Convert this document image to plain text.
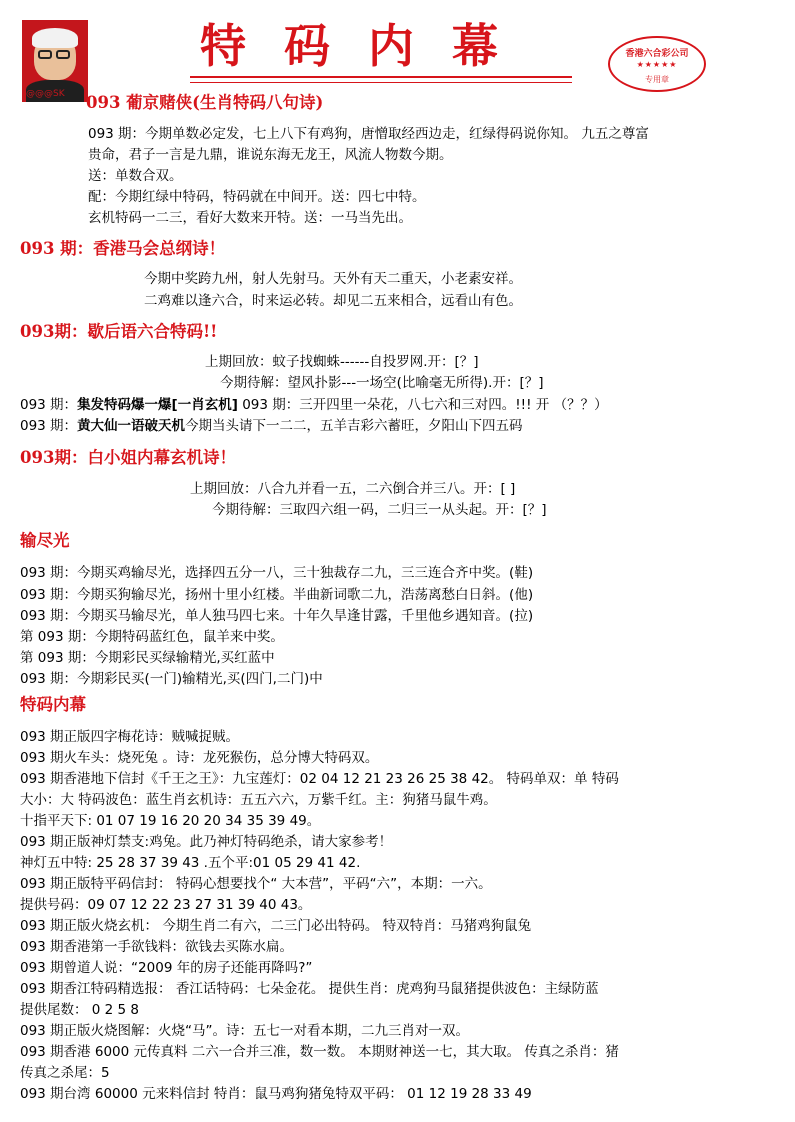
@@@SK
特码内幕	香港六合彩公司
★★★★★
专用章
093 葡京赌侠(生肖特码八句诗)
093 期：今期单数必定发，七上八下有鸡狗，唐憎取经西边走，红绿得码说你知。 九五之尊富
贵命，君子一言是九鼎，谁说东海无龙王，风流人物数今期。
送：单数合双。
配：今期红绿中特码，特码就在中间开。送：四七中特。
玄机特码一二三，看好大数来开特。送：一马当先出。
093 期：香港马会总纲诗！
今期中奖跨九州，射人先射马。天外有天二重天，小老素安祥。
二鸡难以逢六合，时来运必转。却见二五来相合，远看山有色。
093期：歇后语六合特码!!
上期回放：蚊子找蜘蛛------自投罗网.开：[？]
今期待解：望风扑影---一场空(比喻毫无所得).开：[？]
093 期：集发特码爆一爆[一肖玄机] 093 期：三开四里一朵花，八七六和三对四。!!! 开 （？？）
093 期：黄大仙一语破天机今期当头请下一二二，五羊吉彩六蓄旺，夕阳山下四五码
093期：白小姐内幕玄机诗！
上期回放：八合九并看一五，二六倒合并三八。开：[ ]
今期待解：三取四六组一码，二归三一从头起。开：[？]
输尽光
093 期：今期买鸡输尽光，选择四五分一八，三十独裁存二九，三三连合齐中奖。(鞋)
093 期：今期买狗输尽光，扬州十里小红楼。半曲新词歌二九，浩荡离愁白日斜。(他)
093 期：今期买马输尽光，单人独马四七来。十年久旱逢甘露，千里他乡遇知音。(拉)
第 093 期：今期特码蓝红色，鼠羊来中奖。
第 093 期：今期彩民买绿输精光,买红蓝中
093 期：今期彩民买(一门)输精光,买(四门,二门)中
特码内幕
093 期正版四字梅花诗：贼喊捉贼。
093 期火车头：烧死兔 。诗：龙死猴伤，总分博大特码双。
093 期香港地下信封《千王之王》：九宝莲灯：02 04 12 21 23 26 25 38 42。 特码单双：单 特码
大小：大 特码波色：蓝生肖玄机诗：五五六六，万紫千红。主：狗猪马鼠牛鸡。
十指平天下: 01 07 19 16 20 20 34 35 39 49。
093 期正版神灯禁支:鸡兔。此乃神灯特码绝杀，请大家参考！
神灯五中特: 25 28 37 39 43 .五个平:01 05 29 41 42.
093 期正版特平码信封： 特码心想要找个“ 大本营”，平码“六”，本期：一六。
提供号码：09 07 12 22 23 27 31 39 40 43。
093 期正版火烧玄机： 今期生肖二有六，二三门必出特码。 特双特肖：马猪鸡狗鼠兔
093 期香港第一手欲钱料：欲钱去买陈水扁。
093 期曾道人说：“2009 年的房子还能再降吗?”
093 期香江特码精选报： 香江话特码：七朵金花。 提供生肖：虎鸡狗马鼠猪提供波色：主绿防蓝
提供尾数： 0 2 5 8
093 期正版火烧图解：火烧“马”。诗：五七一对看本期，二九三肖对一双。
093 期香港 6000 元传真料 二六一合并三准，数一数。 本期财神送一七，其大取。 传真之杀肖：猪
传真之杀尾：5
093 期台湾 60000 元来料信封 特肖：鼠马鸡狗猪兔特双平码： 01 12 19 28 33 49
